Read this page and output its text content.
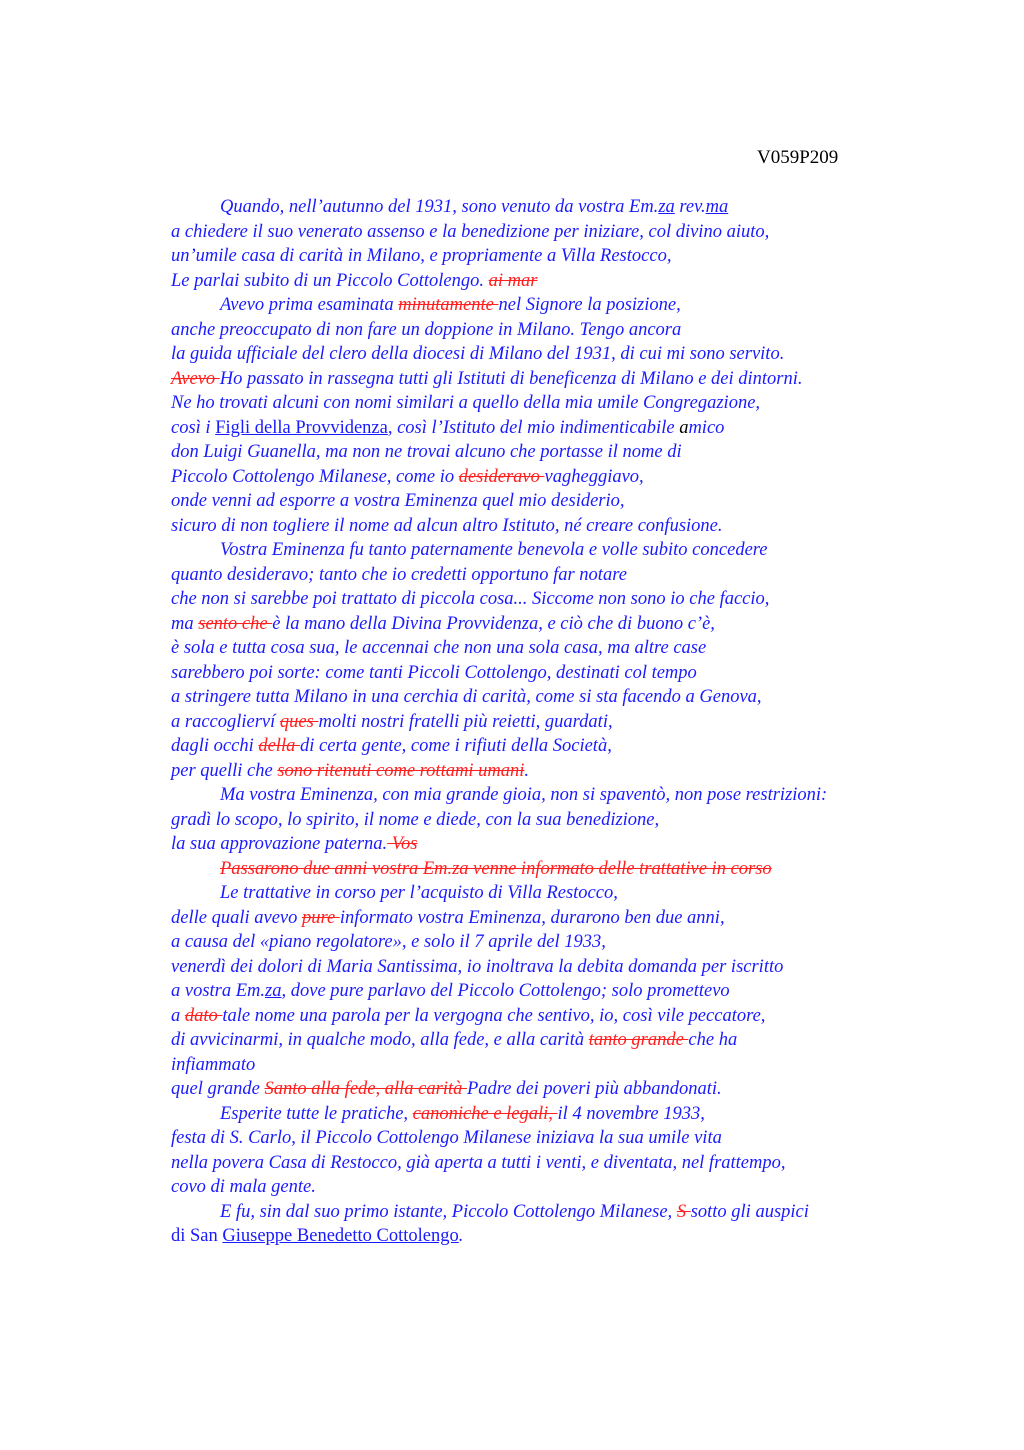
V059P209
Quando, nell’autunno del 1931, sono venuto da vostra Em.za rev.ma
a chiedere il suo venerato assenso e la benedizione per iniziare, col divino aiuto,
un’umile casa di carità in Milano, e propriamente a Villa Restocco,
Le parlai subito di un Piccolo Cottolengo. ai mar
Avevo prima esaminata minutamente nel Signore la posizione,
anche preoccupato di non fare un doppione in Milano. Tengo ancora
la guida ufficiale del clero della diocesi di Milano del 1931, di cui mi sono servito.
Avevo Ho passato in rassegna tutti gli Istituti di beneficenza di Milano e dei dintorni.
Ne ho trovati alcuni con nomi similari a quello della mia umile Congregazione,
così i Figli della Provvidenza, così l’Istituto del mio indimenticabile amico
don Luigi Guanella, ma non ne trovai alcuno che portasse il nome di
Piccolo Cottolengo Milanese, come io desideravo vagheggiavo,
onde venni ad esporre a vostra Eminenza quel mio desiderio,
sicuro di non togliere il nome ad alcun altro Istituto, né creare confusione.
Vostra Eminenza fu tanto paternamente benevola e volle subito concedere
quanto desideravo; tanto che io credetti opportuno far notare
che non si sarebbe poi trattato di piccola cosa... Siccome non sono io che faccio,
ma sento che è la mano della Divina Provvidenza, e ciò che di buono c’è,
è sola e tutta cosa sua, le accennai che non una sola casa, ma altre case
sarebbero poi sorte: come tanti Piccoli Cottolengo, destinati col tempo
a stringere tutta Milano in una cerchia di carità, come si sta facendo a Genova,
a raccoglierví ques molti nostri fratelli più reietti, guardati,
dagli occhi della di certa gente, come i rifiuti della Società,
per quelli che sono ritenuti come rottami umani.
Ma vostra Eminenza, con mia grande gioia, non si spaventò, non pose restrizioni:
gradì lo scopo, lo spirito, il nome e diede, con la sua benedizione,
la sua approvazione paterna. Vos
Passarono due anni vostra Em.za venne informato delle trattative in corso
Le trattative in corso per l’acquisto di Villa Restocco,
delle quali avevo pure informato vostra Eminenza, durarono ben due anni,
a causa del «piano regolatore», e solo il 7 aprile del 1933,
venerdì dei dolori di Maria Santissima, io inoltrava la debita domanda per iscritto
a vostra Em.za, dove pure parlavo del Piccolo Cottolengo; solo promettevo
a dato tale nome una parola per la vergogna che sentivo, io, così vile peccatore,
di avvicinarmi, in qualche modo, alla fede, e alla carità tanto grande che ha
infiammato
quel grande Santo alla fede, alla carità Padre dei poveri più abbandonati.
Esperite tutte le pratiche, canoniche e legali, il 4 novembre 1933,
festa di S. Carlo, il Piccolo Cottolengo Milanese iniziava la sua umile vita
nella povera Casa di Restocco, già aperta a tutti i venti, e diventata, nel frattempo,
covo di mala gente.
E fu, sin dal suo primo istante, Piccolo Cottolengo Milanese, S sotto gli auspici
di San Giuseppe Benedetto Cottolengo.
